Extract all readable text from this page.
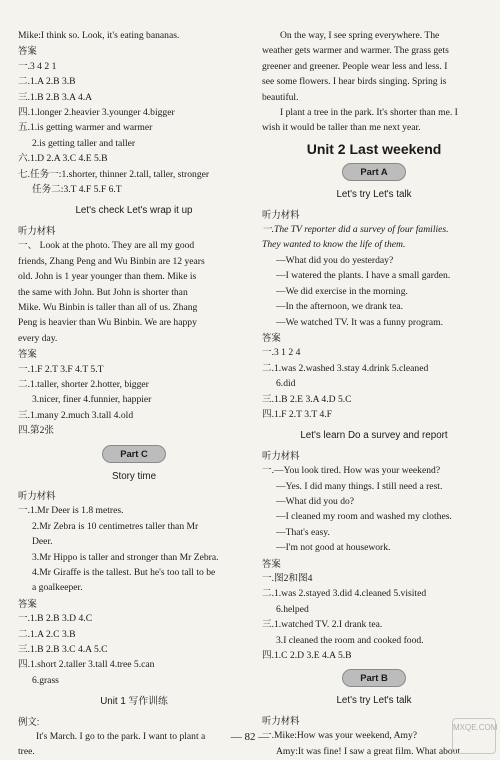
Mike:I think so. Look, it's eating bananas.
答案
一.3 4 2 1
二.1.A 2.B 3.B
三.1.B 2.B 3.A 4.A
四.1.longer 2.heavier 3.younger 4.bigger
五.1.is getting warmer and warmer
2.is getting taller and taller
六.1.D 2.A 3.C 4.E 5.B
七.任务一:1.shorter, thinner 2.tall, taller, stronger
任务二:3.T 4.F 5.F 6.T
Let's check Let's wrap it up
听力材料
一、 Look at the photo. They are all my good
friends, Zhang Peng and Wu Binbin are 12 years
old. John is 1 year younger than them. Mike is
the same with John. But John is shorter than
Mike. Wu Binbin is taller than all of us. Zhang
Peng is heavier than Wu Binbin. We are happy
every day.
答案
一.1.F 2.T 3.F 4.T 5.T
二.1.taller, shorter 2.hotter, bigger
3.nicer, finer 4.funnier, happier
三.1.many 2.much 3.tall 4.old
四.第2张
Part C
Story time
听力材料
一.1.Mr Deer is 1.8 metres.
2.Mr Zebra is 10 centimetres taller than Mr
Deer.
3.Mr Hippo is taller and stronger than Mr Zebra.
4.Mr Giraffe is the tallest. But he's too tall to be
a goalkeeper.
答案
一.1.B 2.B 3.D 4.C
二.1.A 2.C 3.B
三.1.B 2.B 3.C 4.A 5.C
四.1.short 2.taller 3.tall 4.tree 5.can
6.grass
Unit 1 写作训练
例文:
It's March. I go to the park. I want to plant a
tree.
On the way, I see spring everywhere. The
weather gets warmer and warmer. The grass gets
greener and greener. People wear less and less. I
see some flowers. I hear birds singing. Spring is
beautiful.
I plant a tree in the park. It's shorter than me. I
wish it would be taller than me next year.
Unit 2 Last weekend
Part A
Let's try Let's talk
听力材料
一.The TV reporter did a survey of four families.
They wanted to know the life of them.
—What did you do yesterday?
—I watered the plants. I have a small garden.
—We did exercise in the morning.
—In the afternoon, we drank tea.
—We watched TV. It was a funny program.
答案
一.3 1 2 4
二.1.was 2.washed 3.stay 4.drink 5.cleaned
6.did
三.1.B 2.E 3.A 4.D 5.C
四.1.F 2.T 3.T 4.F
Let's learn Do a survey and report
听力材料
一.—You look tired. How was your weekend?
—Yes. I did many things. I still need a rest.
—What did you do?
—I cleaned my room and washed my clothes.
—That's easy.
—I'm not good at housework.
答案
一.图2和图4
二.1.was 2.stayed 3.did 4.cleaned 5.visited
6.helped
三.1.watched TV. 2.I drank tea.
3.I cleaned the room and cooked food.
四.1.C 2.D 3.E 4.A 5.B
Part B
Let's try Let's talk
听力材料
一.Mike:How was your weekend, Amy?
Amy:It was fine! I saw a great film. What about
— 82 —
MXQE.COM
